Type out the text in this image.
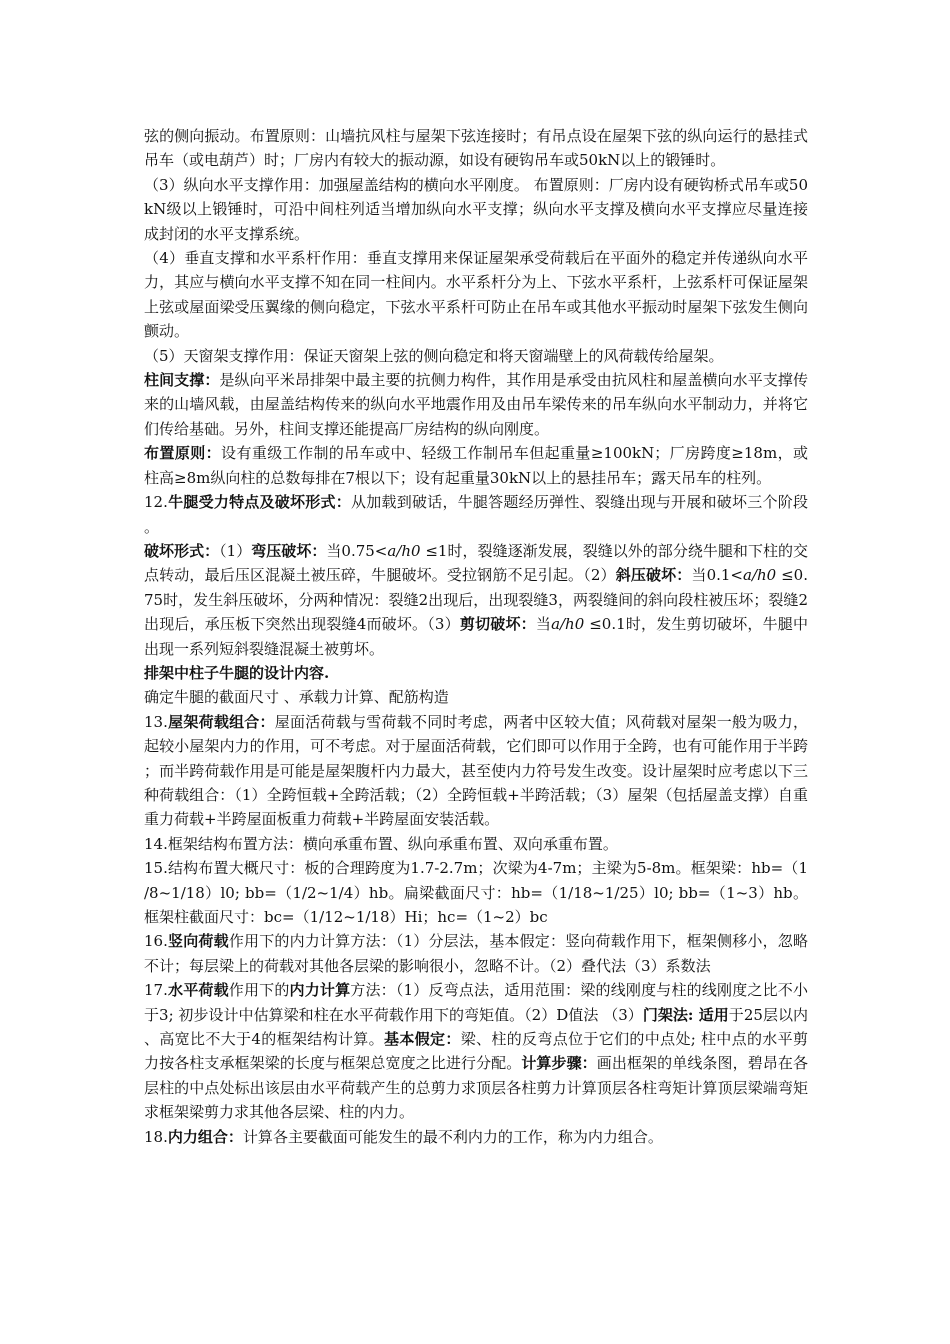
弦的侧向振动。布置原则：山墙抗风柱与屋架下弦连接时；有吊点设在屋架下弦的纵向运行的悬挂式吊车（或电葫芦）时；厂房内有较大的振动源，如设有硬钩吊车或50kN以上的锻锤时。

（3）纵向水平支撑作用：加强屋盖结构的横向水平刚度。 布置原则：厂房内设有硬钩桥式吊车或50kN级以上锻锤时，可沿中间柱列适当增加纵向水平支撑；纵向水平支撑及横向水平支撑应尽量连接成封闭的水平支撑系统。

（4）垂直支撑和水平系杆作用：垂直支撑用来保证屋架承受荷载后在平面外的稳定并传递纵向水平力，其应与横向水平支撑不知在同一柱间内。水平系杆分为上、下弦水平系杆，上弦系杆可保证屋架上弦或屋面梁受压翼缘的侧向稳定，下弦水平系杆可防止在吊车或其他水平振动时屋架下弦发生侧向颤动。

（5）天窗架支撑作用：保证天窗架上弦的侧向稳定和将天窗端壁上的风荷载传给屋架。

柱间支撑：是纵向平米昂排架中最主要的抗侧力构件，其作用是承受由抗风柱和屋盖横向水平支撑传来的山墙风载，由屋盖结构传来的纵向水平地震作用及由吊车梁传来的吊车纵向水平制动力，并将它们传给基础。另外，柱间支撑还能提高厂房结构的纵向刚度。

布置原则：设有重级工作制的吊车或中、轻级工作制吊车但起重量≥100kN；厂房跨度≥18m，或柱高≥8m纵向柱的总数每排在7根以下；设有起重量30kN以上的悬挂吊车；露天吊车的柱列。

12.牛腿受力特点及破坏形式：从加载到破话，牛腿答题经历弹性、裂缝出现与开展和破坏三个阶段。

破坏形式：（1）弯压破坏：当0.75<a/h0 ≤1时，裂缝逐渐发展，裂缝以外的部分绕牛腿和下柱的交点转动，最后压区混凝土被压碎，牛腿破坏。受拉钢筋不足引起。（2）斜压破坏：当0.1<a/h0 ≤0.75时，发生斜压破坏，分两种情况：裂缝2出现后，出现裂缝3，两裂缝间的斜向段柱被压坏；裂缝2出现后，承压板下突然出现裂缝4而破坏。（3）剪切破坏：当a/h0 ≤0.1时，发生剪切破坏，牛腿中出现一系列短斜裂缝混凝土被剪坏。

排架中柱子牛腿的设计内容.

确定牛腿的截面尺寸 、承载力计算、配筋构造

13.屋架荷载组合：屋面活荷载与雪荷载不同时考虑，两者中区较大值；风荷载对屋架一般为吸力，起较小屋架内力的作用，可不考虑。对于屋面活荷载，它们即可以作用于全跨，也有可能作用于半跨；而半跨荷载作用是可能是屋架腹杆内力最大，甚至使内力符号发生改变。设计屋架时应考虑以下三种荷载组合：（1）全跨恒载+全跨活载；（2）全跨恒载+半跨活载；（3）屋架（包括屋盖支撑）自重重力荷载+半跨屋面板重力荷载+半跨屋面安装活载。

14.框架结构布置方法：横向承重布置、纵向承重布置、双向承重布置。

15.结构布置大概尺寸：板的合理跨度为1.7-2.7m；次梁为4-7m；主梁为5-8m。框架梁：hb=（1/8~1/18）l0; bb=（1/2~1/4）hb。扁梁截面尺寸：hb=（1/18~1/25）l0; bb=（1~3）hb。框架柱截面尺寸：bc=（1/12~1/18）Hi；hc=（1~2）bc

16.竖向荷载作用下的内力计算方法：（1）分层法，基本假定：竖向荷载作用下，框架侧移小，忽略不计；每层梁上的荷载对其他各层梁的影响很小，忽略不计。（2）叠代法（3）系数法

17.水平荷载作用下的内力计算方法：（1）反弯点法，适用范围：梁的线刚度与柱的线刚度之比不小于3; 初步设计中估算梁和柱在水平荷载作用下的弯矩值。（2）D值法 （3）门架法: 适用于25层以内、高宽比不大于4的框架结构计算。基本假定：梁、柱的反弯点位于它们的中点处; 柱中点的水平剪力按各柱支承框架梁的长度与框架总宽度之比进行分配。计算步骤：画出框架的单线条图，碧昂在各层柱的中点处标出该层由水平荷载产生的总剪力求顶层各柱剪力计算顶层各柱弯矩计算顶层梁端弯矩求框架梁剪力求其他各层梁、柱的内力。

18.内力组合：计算各主要截面可能发生的最不利内力的工作，称为内力组合。
